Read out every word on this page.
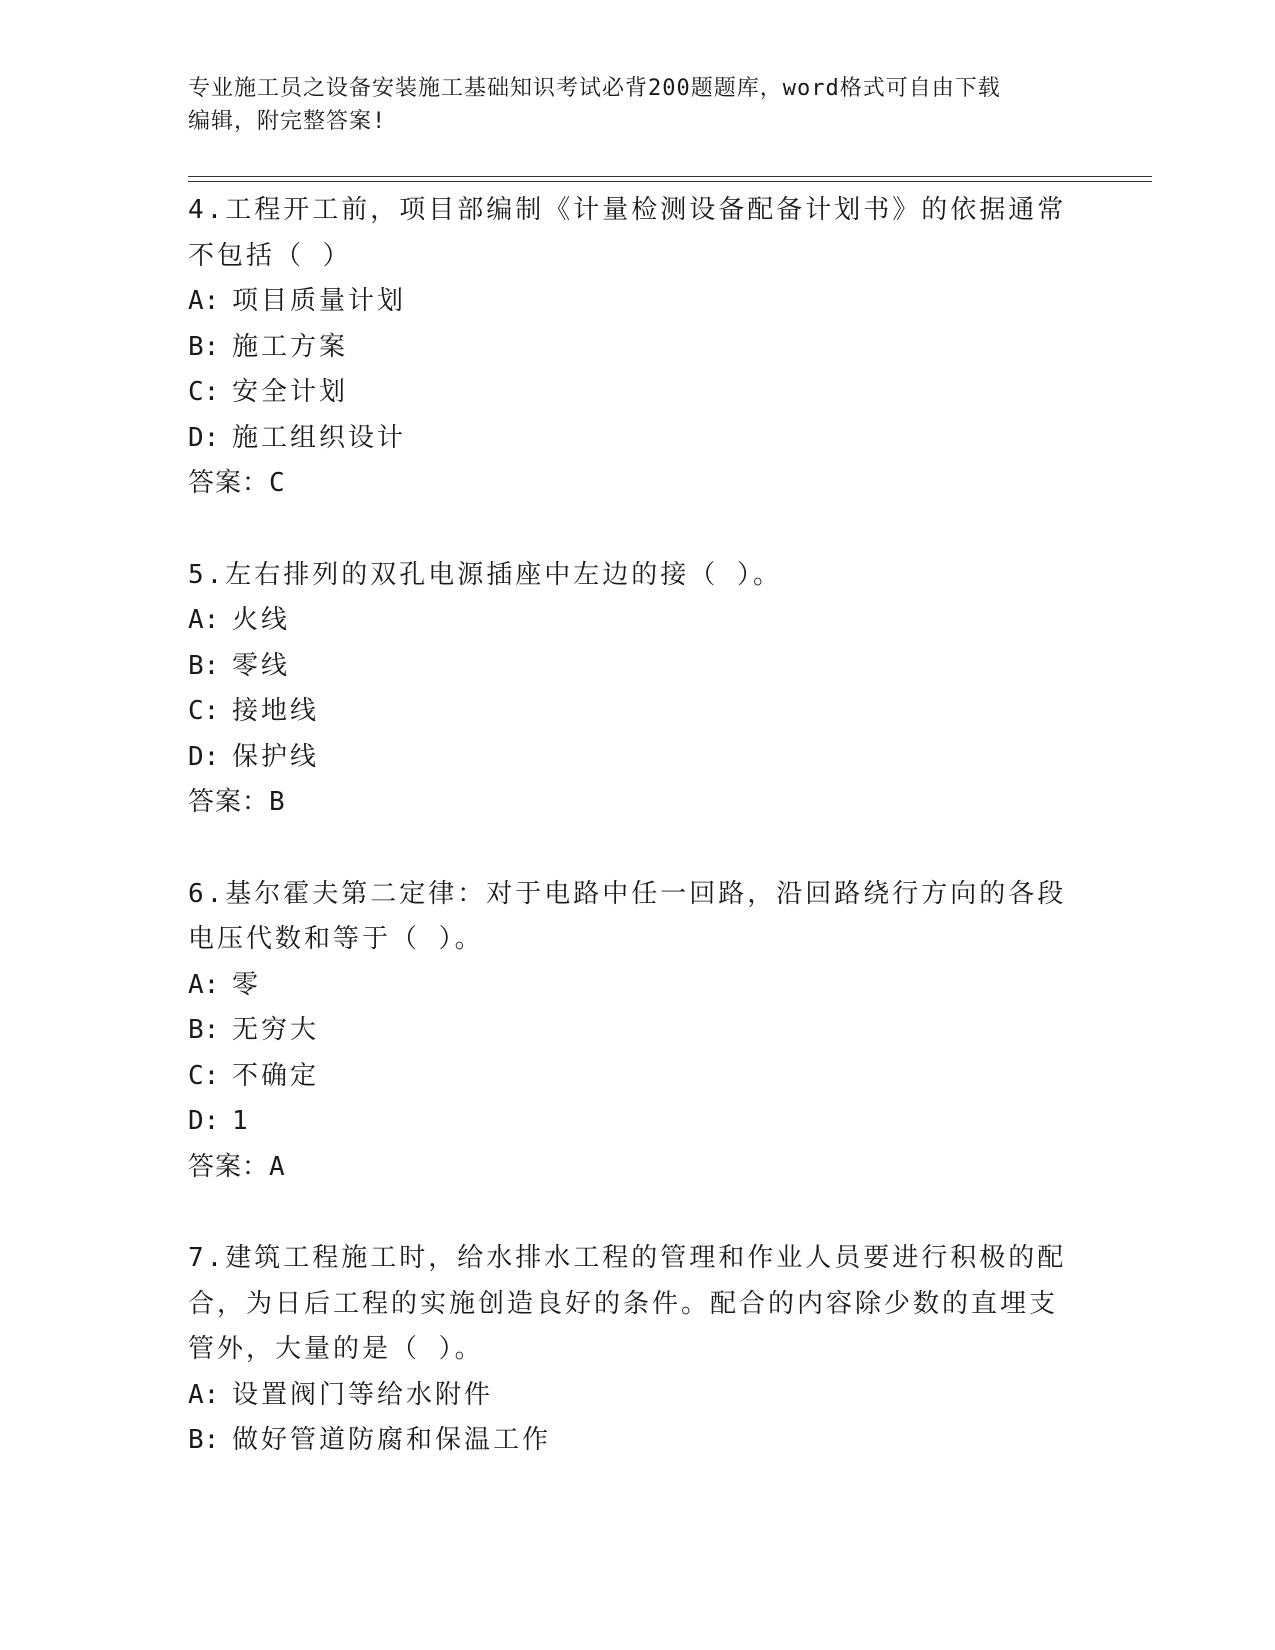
专业施工员之设备安装施工基础知识考试必背200题题库，word格式可自由下载
编辑，附完整答案!
4.工程开工前，项目部编制《计量检测设备配备计划书》的依据通常
不包括（ ）
A: 项目质量计划
B: 施工方案
C: 安全计划
D: 施工组织设计
答案：C
5.左右排列的双孔电源插座中左边的接（ ）。
A: 火线
B: 零线
C: 接地线
D: 保护线
答案：B
6.基尔霍夫第二定律：对于电路中任一回路，沿回路绕行方向的各段
电压代数和等于（ ）。
A: 零
B: 无穷大
C: 不确定
D: 1
答案：A
7.建筑工程施工时，给水排水工程的管理和作业人员要进行积极的配
合，为日后工程的实施创造良好的条件。配合的内容除少数的直埋支
管外，大量的是（ ）。
A: 设置阀门等给水附件
B: 做好管道防腐和保温工作
